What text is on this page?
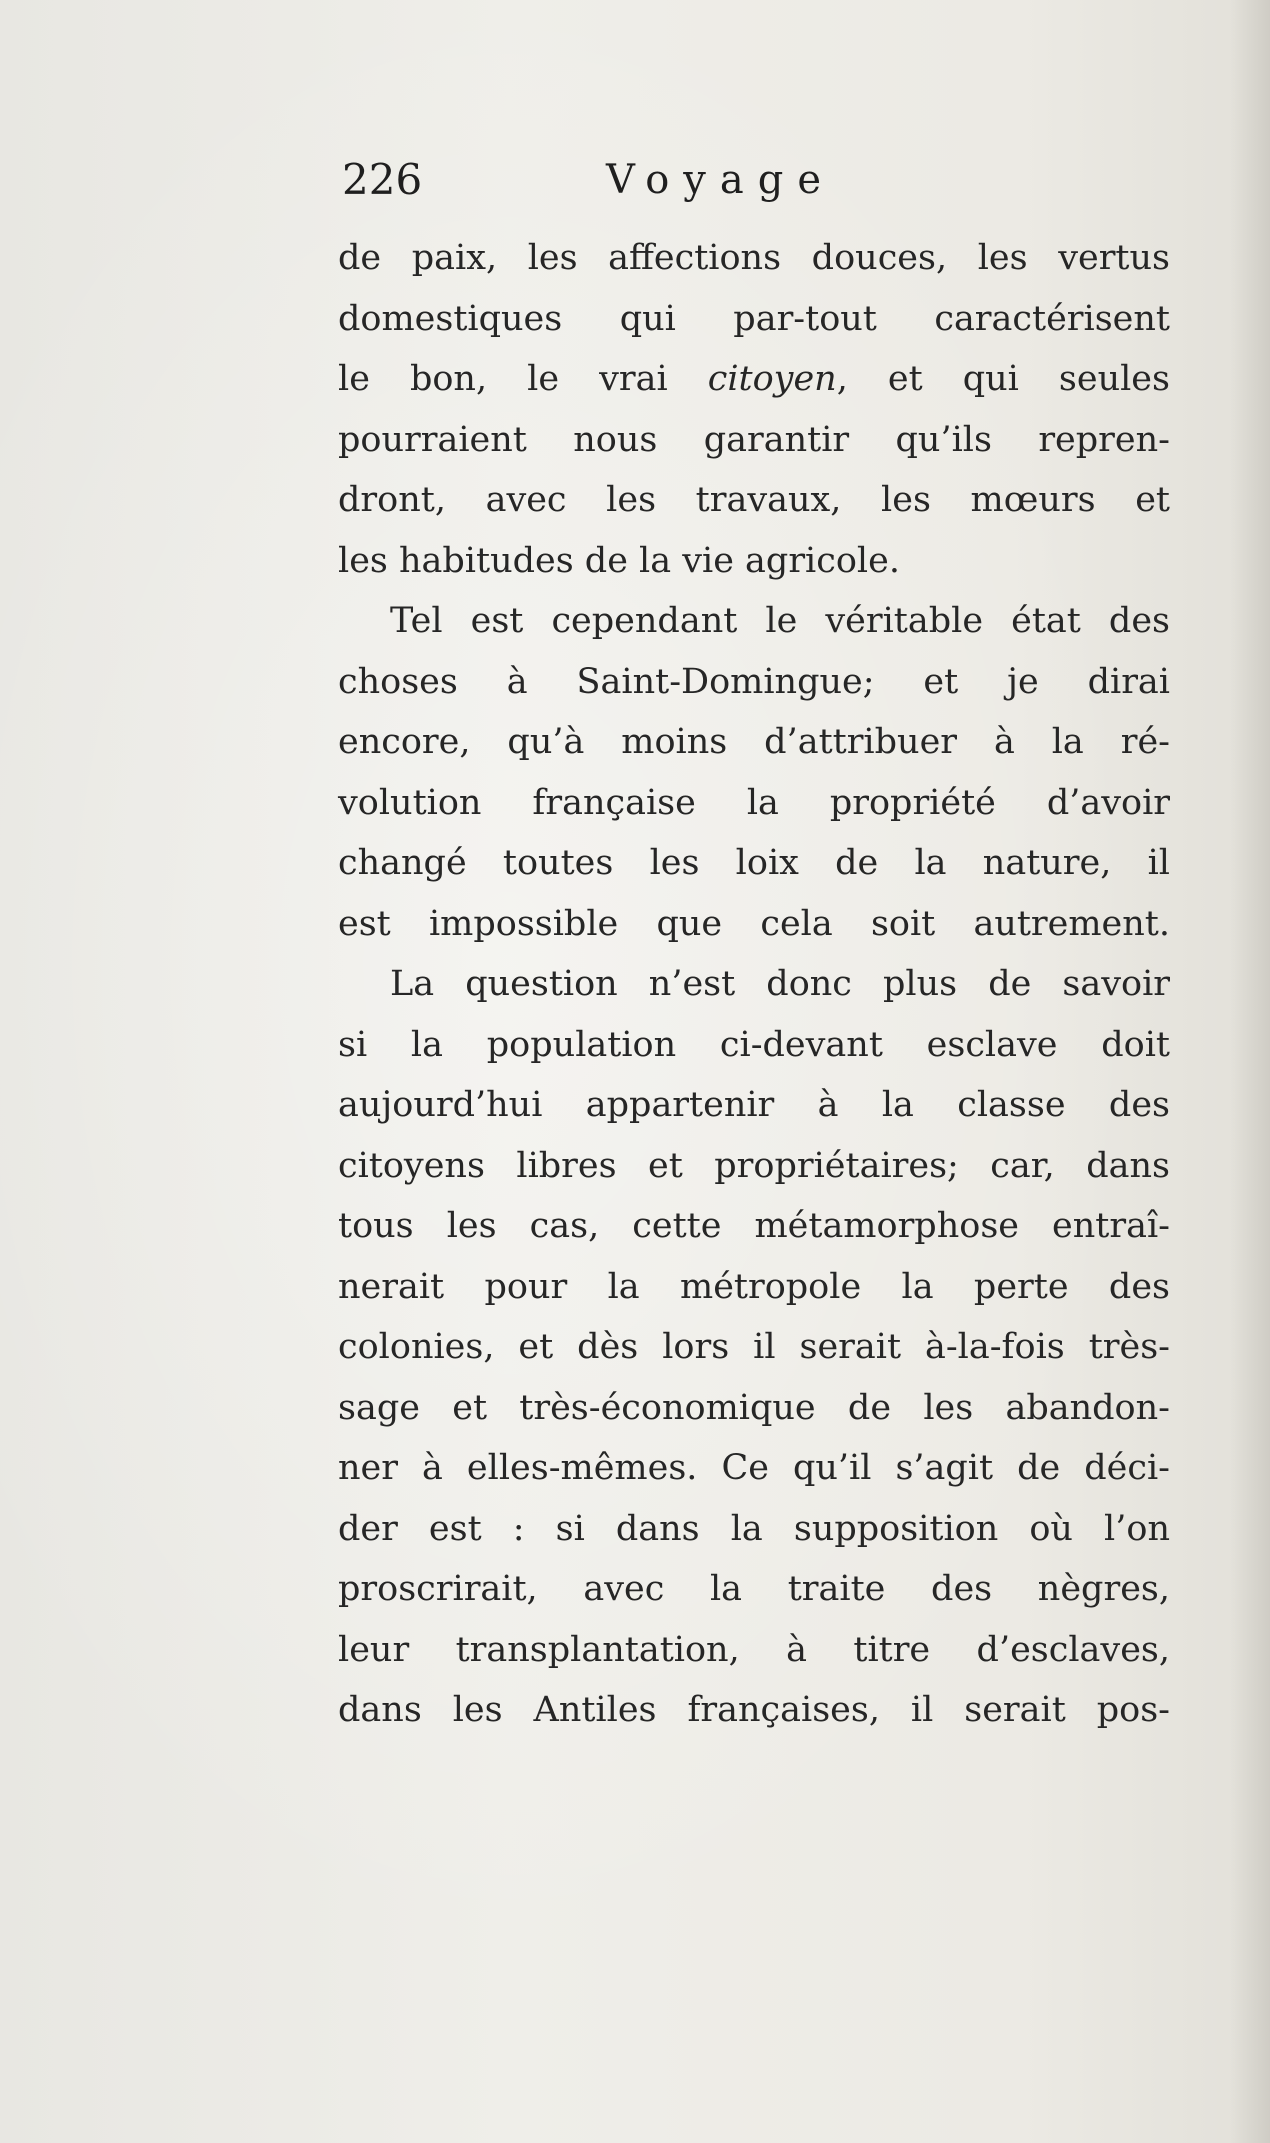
226	Voyage
de paix, les affections douces, les vertus
domestiques qui par-tout caractérisent
le bon, le vrai citoyen, et qui seules
pourraient nous garantir qu’ils repren-
dront, avec les travaux, les mœurs et
les habitudes de la vie agricole.
Tel est cependant le véritable état des
choses à Saint-Domingue; et je dirai
encore, qu’à moins d’attribuer à la ré-
volution française la propriété d’avoir
changé toutes les loix de la nature, il
est impossible que cela soit autrement.
La question n’est donc plus de savoir
si la population ci-devant esclave doit
aujourd’hui appartenir à la classe des
citoyens libres et propriétaires; car, dans
tous les cas, cette métamorphose entraî-
nerait pour la métropole la perte des
colonies, et dès lors il serait à-la-fois très-
sage et très-économique de les abandon-
ner à elles-mêmes. Ce qu’il s’agit de déci-
der est : si dans la supposition où l’on
proscrirait, avec la traite des nègres,
leur transplantation, à titre d’esclaves,
dans les Antiles françaises, il serait pos-
